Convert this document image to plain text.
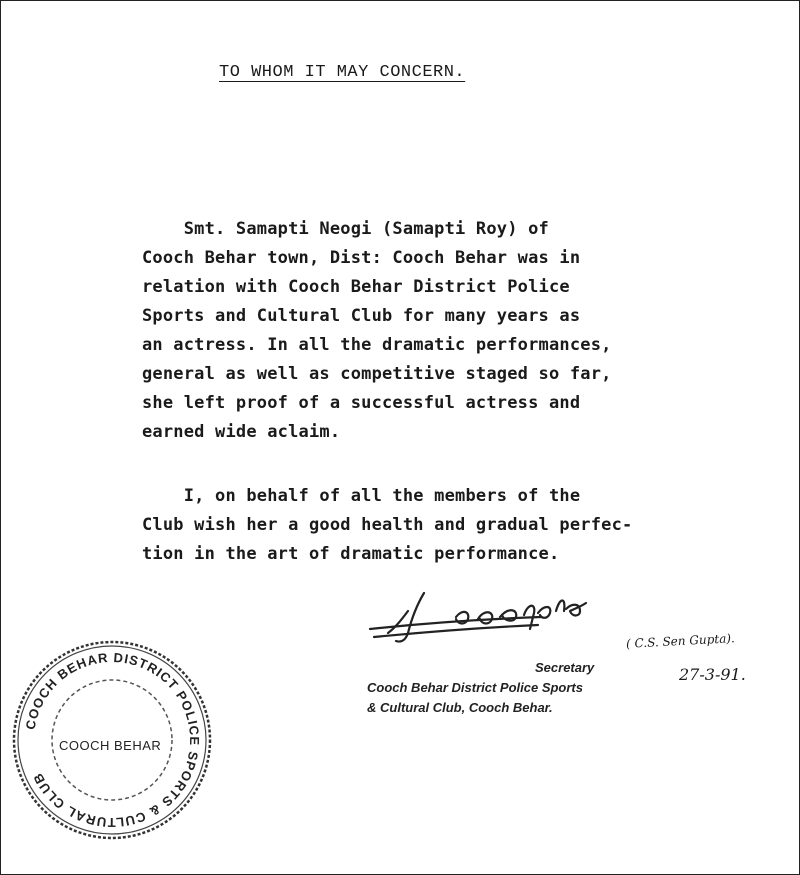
TO WHOM IT MAY CONCERN.
Smt. Samapti Neogi (Samapti Roy) of
Cooch Behar town, Dist: Cooch Behar was in
relation with Cooch Behar District Police
Sports and Cultural Club for many years as
an actress. In all the dramatic performances,
general as well as competitive staged so far,
she left proof of a successful actress and
earned wide aclaim.
I, on behalf of all the members of the
Club wish her a good health and gradual perfec-
tion in the art of dramatic performance.
( C.S. Sen Gupta).
27-3-91.
Secretary
Cooch Behar District Police Sports
& Cultural Club, Cooch Behar.
COOCH BEHAR DISTRICT POLICE SPORTS & CULTURAL CLUB
COOCH BEHAR
